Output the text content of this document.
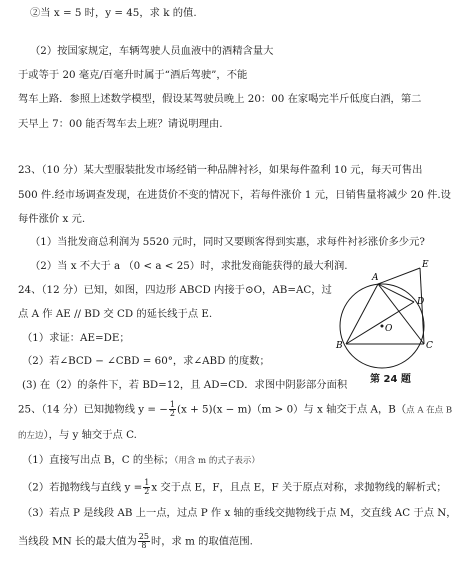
②当 x = 5 时，y = 45，求 k 的值.
（2）按国家规定，车辆驾驶人员血液中的酒精含量大
于或等于 20 毫克/百毫升时属于“酒后驾驶”，不能
驾车上路．参照上述数学模型，假设某驾驶员晚上 20：00 在家喝完半斤低度白酒，第二
天早上 7：00 能否驾车去上班？请说明理由.
23、（10 分）某大型服装批发市场经销一种品牌衬衫，如果每件盈利 10 元，每天可售出
500 件.经市场调查发现，在进货价不变的情况下，若每件涨价 1 元，日销售量将减少 20 件.设
每件涨价 x 元.
（1）当批发商总利润为 5520 元时，同时又要顾客得到实惠，求每件衬衫涨价多少元?
（2）当 x 不大于 a （0 < a < 25）时，求批发商能获得的最大利润.
24、（12 分）已知，如图，四边形 ABCD 内接于⊙O，AB=AC，过
点 A 作 AE // BD 交 CD 的延长线于点 E.
（1）求证：AE=DE；
（2）若∠BCD − ∠CBD = 60°，求∠ABD 的度数；
(3) 在（2）的条件下，若 BD=12，且 AD=CD．求图中阴影部分面积
A
E
D
O
B	C
第 24 题
25、（14 分）已知抛物线 y = − $\frac{1}{2} (x + 5)(x - m)(m > 0)$与 x 轴交于点 A，B（点 A 在点 B
的左边），与 y 轴交于点 C.
（1）直接写出点 B，C 的坐标；（用含 m 的式子表示）
（2）若抛物线与直线 $y = \frac{1}{2}$ x 交于点 E，F，且点 E，F 关于原点对称，求抛物线的解析式；
（3）若点 P 是线段 AB 上一点，过点 P 作 x 轴的垂线交抛物线于点 M，交直线 AC 于点 N，
当线段 MN 长的最大值为 $\frac{25}{8}$ 时，求 m 的取值范围.
